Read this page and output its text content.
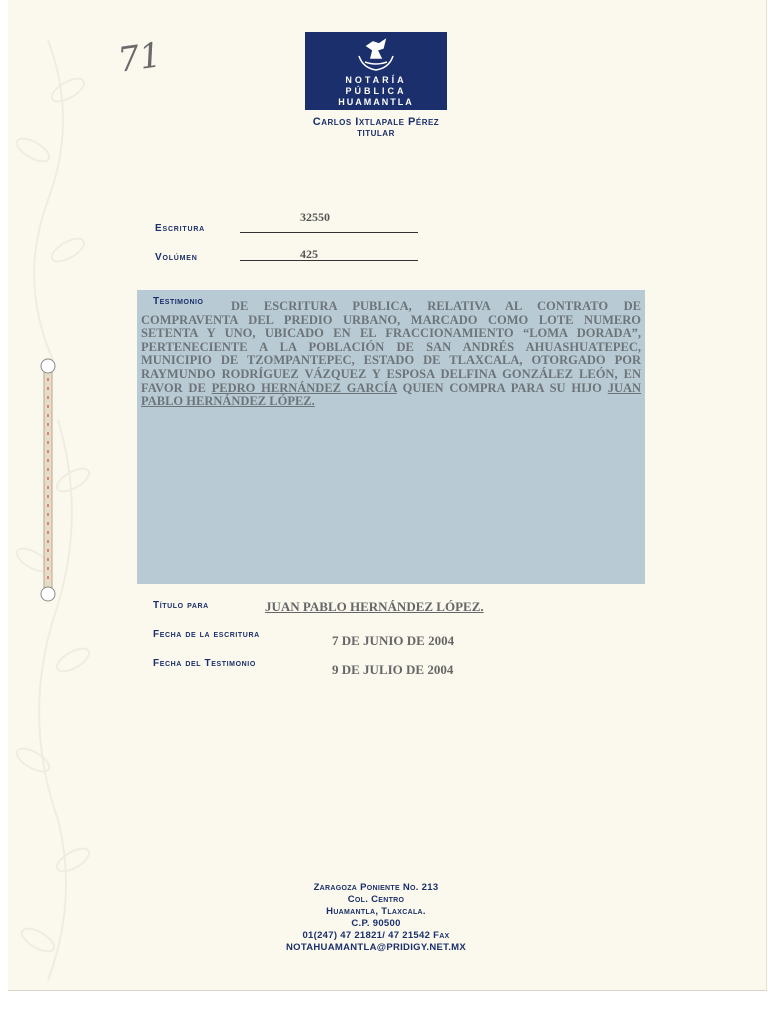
71	NOTARÍA
PÚBLICA
HUAMANTLA
Carlos Ixtlapale Pérez
TITULAR
Escritura
32550
Volúmen	425
Testimonio	DE ESCRITURA PUBLICA, RELATIVA AL CONTRATO DE COMPRAVENTA DEL PREDIO URBANO, MARCADO COMO LOTE NUMERO SETENTA Y UNO, UBICADO EN EL FRACCIONAMIENTO “LOMA DORADA”, PERTENECIENTE A LA POBLACIÓN DE SAN ANDRÉS AHUASHUATEPEC, MUNICIPIO DE TZOMPANTEPEC, ESTADO DE TLAXCALA, OTORGADO POR RAYMUNDO RODRÍGUEZ VÁZQUEZ Y ESPOSA DELFINA GONZÁLEZ LEÓN, EN FAVOR DE PEDRO HERNÁNDEZ GARCÍA QUIEN COMPRA PARA SU HIJO JUAN PABLO HERNÁNDEZ LÓPEZ.
Título para	JUAN PABLO HERNÁNDEZ LÓPEZ.
Fecha de la escritura	7 DE JUNIO DE 2004
Fecha del Testimonio	9 DE JULIO DE 2004
Zaragoza Poniente No. 213
Col. Centro
Huamantla, Tlaxcala.
C.P. 90500
01(247) 47 21821/ 47 21542 Fax
NOTAHUAMANTLA@PRIDIGY.NET.MX
